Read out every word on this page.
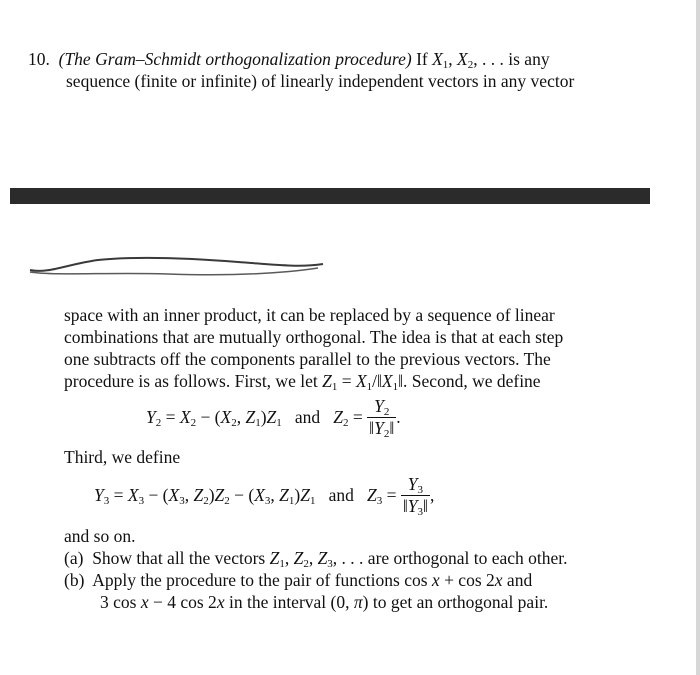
10. (The Gram–Schmidt orthogonalization procedure) If $X_1$, $X_2$, . . . is any
sequence (finite or infinite) of linearly independent vectors in any vector
space with an inner product, it can be replaced by a sequence of linear
combinations that are mutually orthogonal. The idea is that at each step
one subtracts off the components parallel to the previous vectors. The
procedure is as follows. First, we let $Z_1$ = $X_1/‖X_1‖$. Second, we define
$Y_2 = X_2 - (X_2$, $Z_1)Z_1$ and $Z_2 = \frac{Y_2}{‖Y_2‖}$ .
Third, we define
$Y_3 = X_3 - (X_3$, $Z_2)Z_2 - (X_3$, $Z_1)Z_1$ and $Z_3 = \frac{Y_3}{‖Y_3‖}$ ,
and so on.
(a) Show that all the vectors $Z_1$, $Z_2$, $Z_3$, . . . are orthogonal to each other.
(b) Apply the procedure to the pair of functions cos x + cos 2x and
3 cos x − 4 cos 2x in the interval (0, π) to get an orthogonal pair.
